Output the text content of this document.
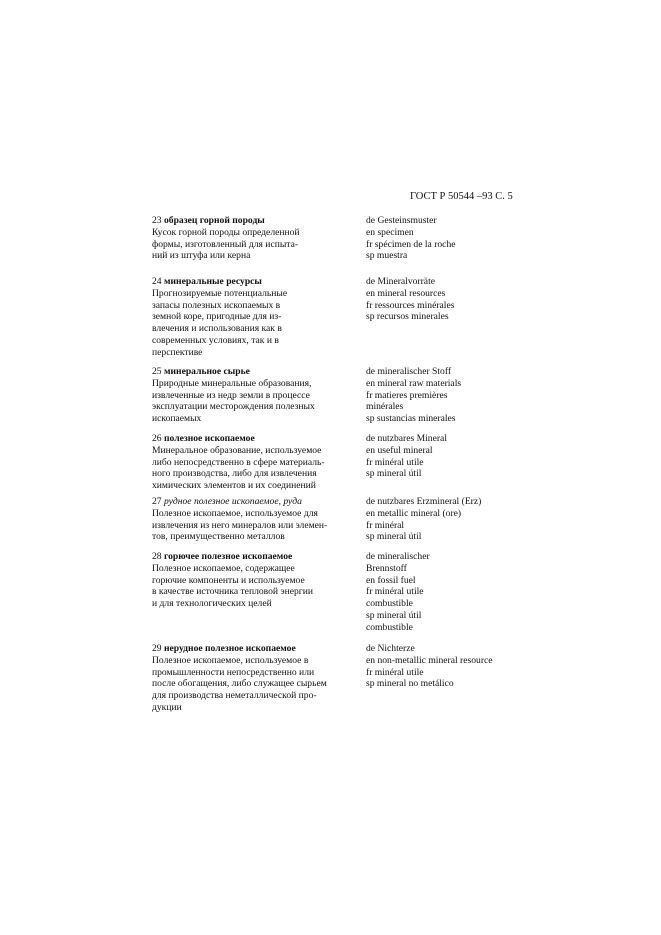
ГОСТ Р 50544 –93 С. 5
23 образец горной породы
Кусок горной породы определенной
формы, изготовленный для испыта-
ний из штуфа или керна
de Gesteinsmuster
en specimen
fr spécimen de la roche
sp muestra
24 минеральные ресурсы
Прогнозируемые потенциальные
запасы полезных ископаемых в
земной коре, пригодные для из-
влечения и использования как в
современных условиях, так и в
перспективе
de Mineralvorräte
en mineral resources
fr ressources minérales
sp recursos minerales
25 минеральное сырье
Природные минеральные образования,
извлеченные из недр земли в процессе
эксплуатации месторождения полезных
ископаемых
de mineralischer Stoff
en mineral raw materials
fr matieres premières
minérales
sp sustancias minerales
26 полезное ископаемое
Минеральное образование, используемое
либо непосредственно в сфере материаль-
ного производства, либо для извлечения
химических элементов и их соединений
de nutzbares Mineral
en useful mineral
fr minéral utile
sp mineral útil
27 рудное полезное ископаемое, руда
Полезное ископаемое, используемое для
извлечения из него минералов или элемен-
тов, преимущественно металлов
de nutzbares Erzmineral (Erz)
en metallic mineral (ore)
fr minéral
sp mineral útil
28 горючее полезное ископаемое
Полезное ископаемое, содержащее
горючие компоненты и используемое
в качестве источника тепловой энергии
и для технологических целей
de mineralischer
Brennstoff
en fossil fuel
fr minéral utile
combustible
sp mineral útil
combustible
29 нерудное полезное ископаемое
Полезное ископаемое, используемое в
промышленности непосредственно или
после обогащения, либо служащее сырьем
для производства неметаллической про-
дукции
de Nichterze
en non-metallic mineral resource
fr minéral utile
sp mineral no metálico
